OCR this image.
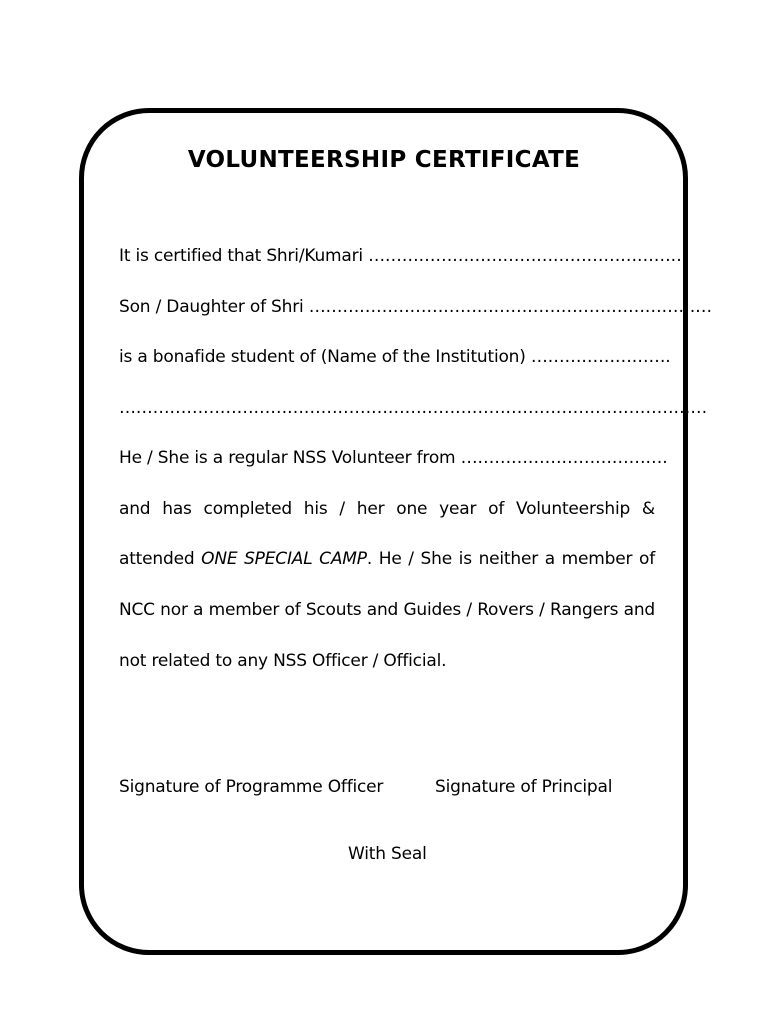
VOLUNTEERSHIP CERTIFICATE
It is certified that Shri/Kumari …………………………………………………
Son / Daughter of Shri ………………………………………………………………
is a bonafide student of (Name of the Institution) …………………….
……………………………………………………………………………………………
He / She is a regular NSS Volunteer from ……………………………….
and has completed his / her one year of Volunteership &
attended ONE SPECIAL CAMP. He / She is neither a member of
NCC nor a member of Scouts and Guides / Rovers / Rangers and
not related to any NSS Officer / Official.
Signature of Programme Officer	Signature of Principal
With Seal
